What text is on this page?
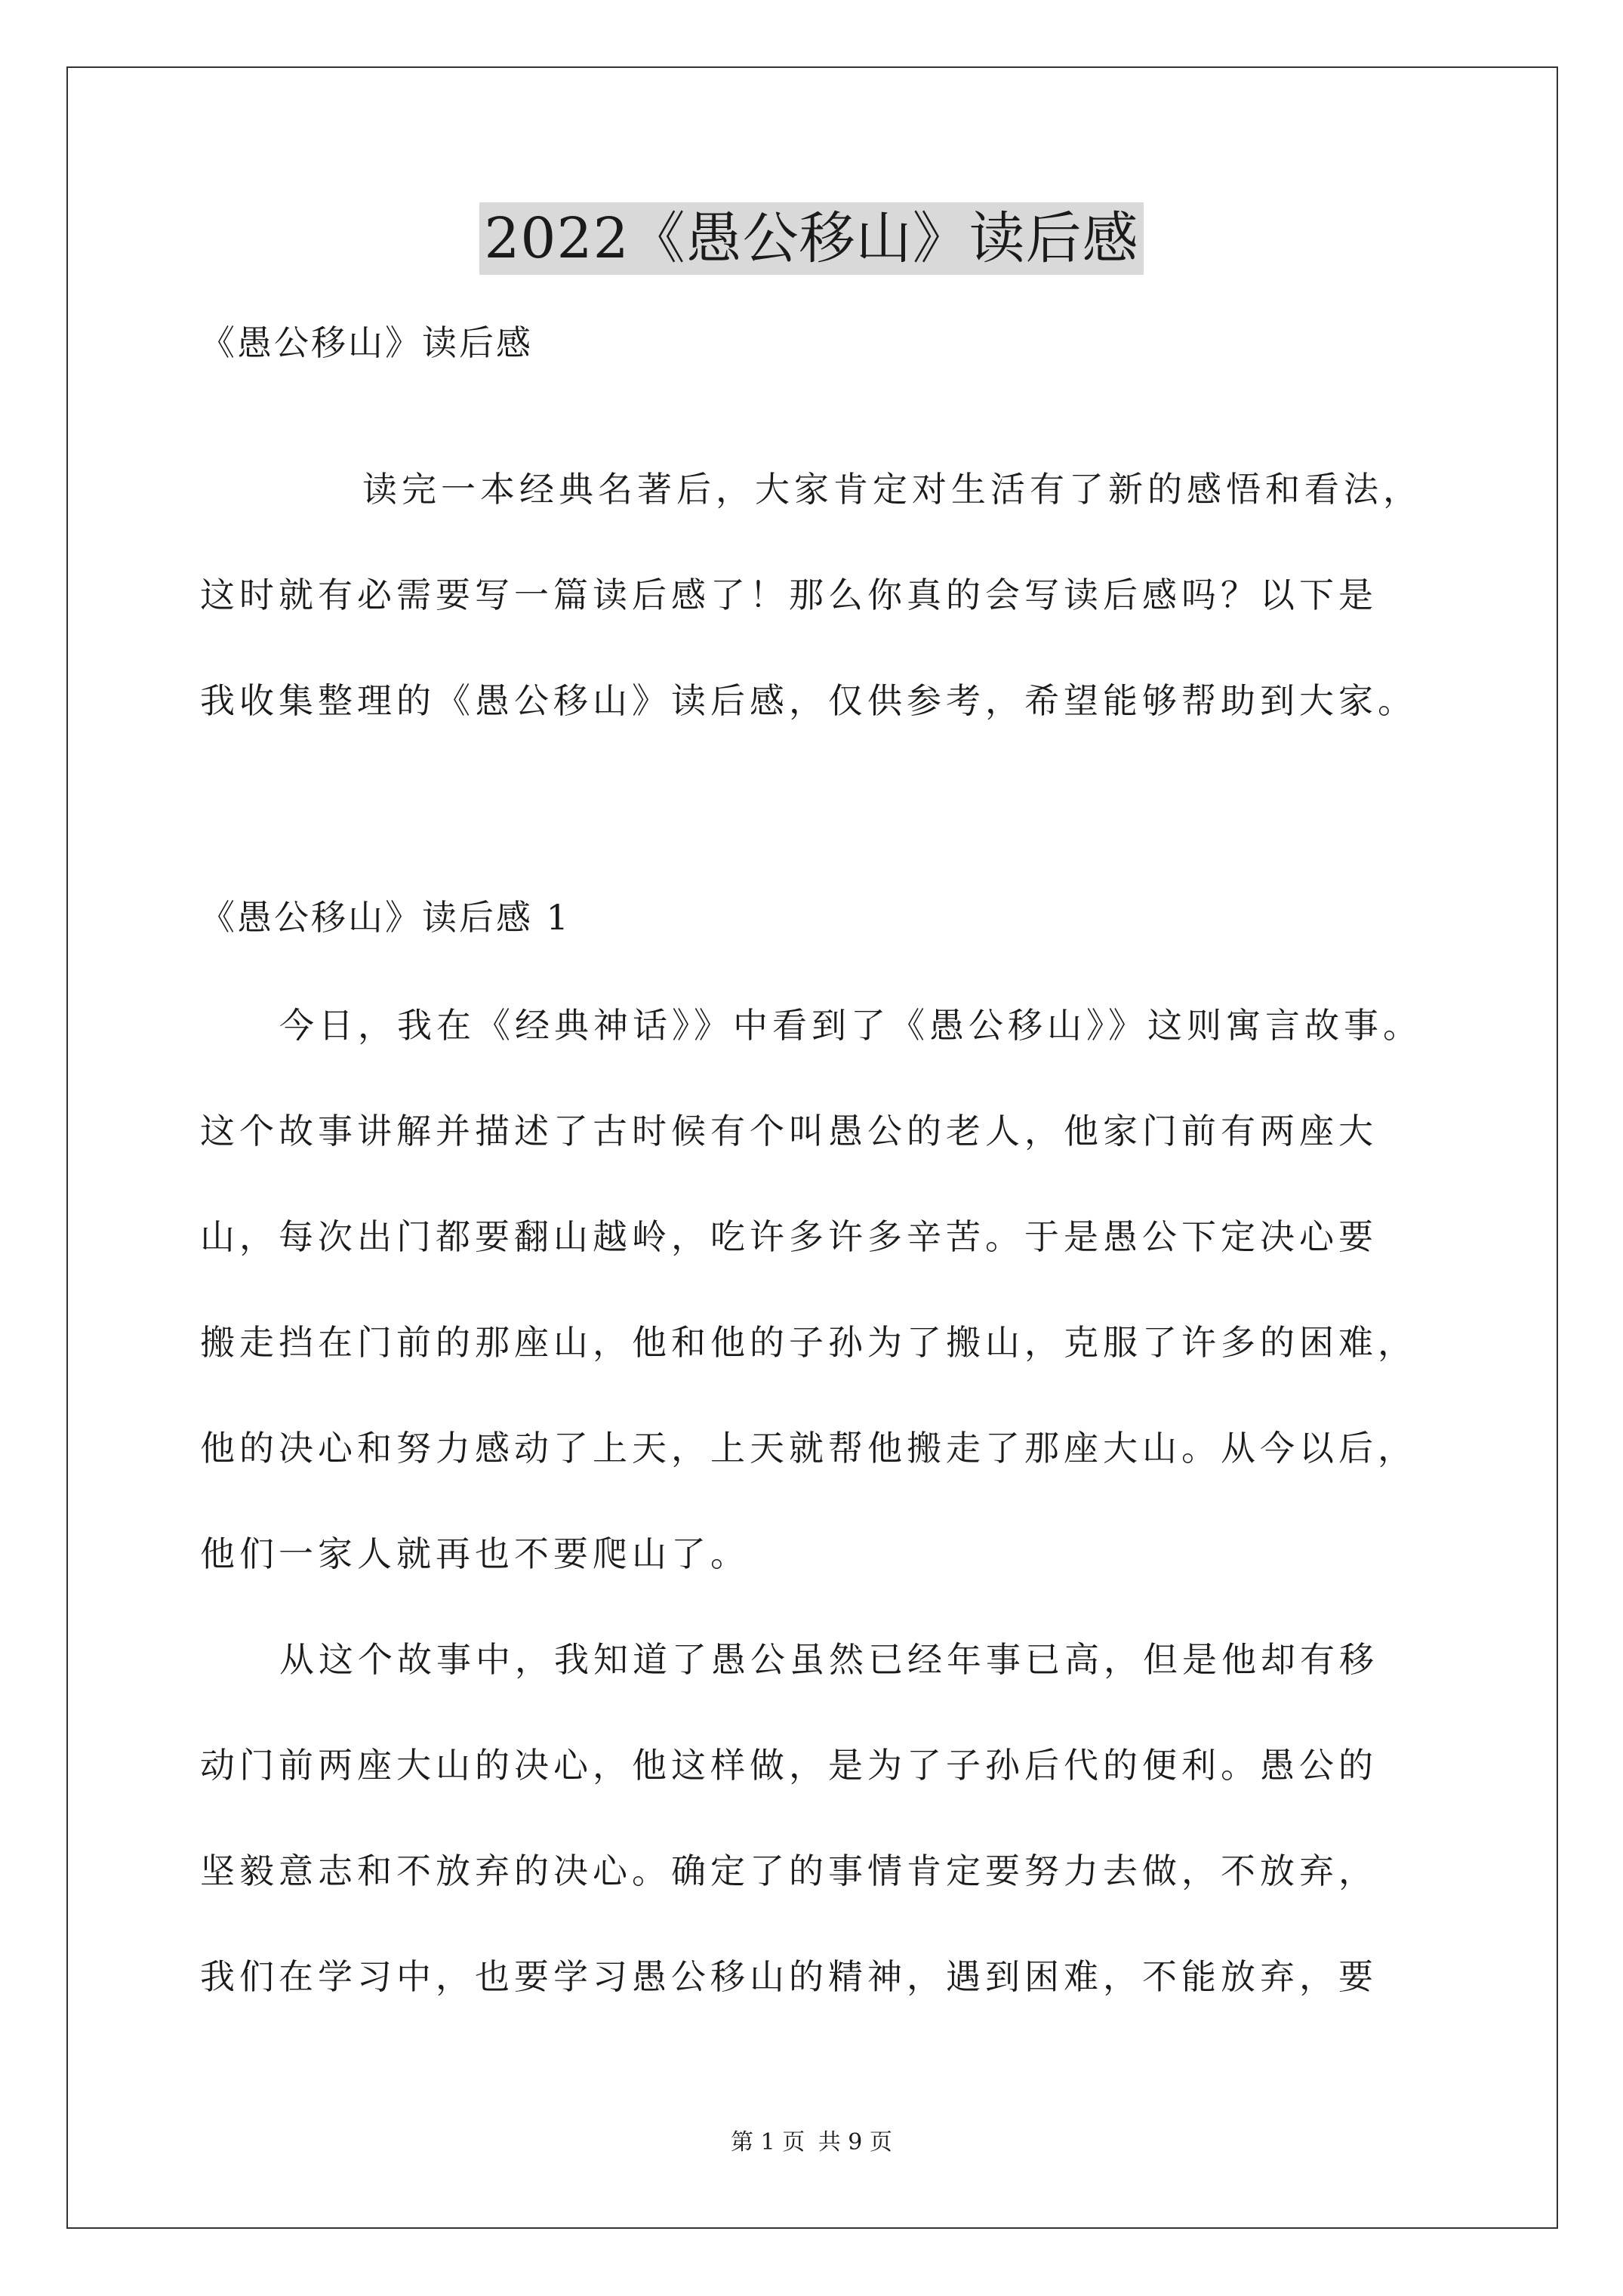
2022《愚公移山》读后感
《愚公移山》读后感
读完一本经典名著后，大家肯定对生活有了新的感悟和看法，
这时就有必需要写一篇读后感了！那么你真的会写读后感吗？以下是
我收集整理的《愚公移山》读后感，仅供参考，希望能够帮助到大家。
《愚公移山》读后感 1
今日，我在《经典神话》》中看到了《愚公移山》》这则寓言故事。
这个故事讲解并描述了古时候有个叫愚公的老人，他家门前有两座大
山，每次出门都要翻山越岭，吃许多许多辛苦。于是愚公下定决心要
搬走挡在门前的那座山，他和他的子孙为了搬山，克服了许多的困难，
他的决心和努力感动了上天，上天就帮他搬走了那座大山。从今以后，
他们一家人就再也不要爬山了。
从这个故事中，我知道了愚公虽然已经年事已高，但是他却有移
动门前两座大山的决心，他这样做，是为了子孙后代的便利。愚公的
坚毅意志和不放弃的决心。确定了的事情肯定要努力去做，不放弃，
我们在学习中，也要学习愚公移山的精神，遇到困难，不能放弃，要
第 1 页 共 9 页
